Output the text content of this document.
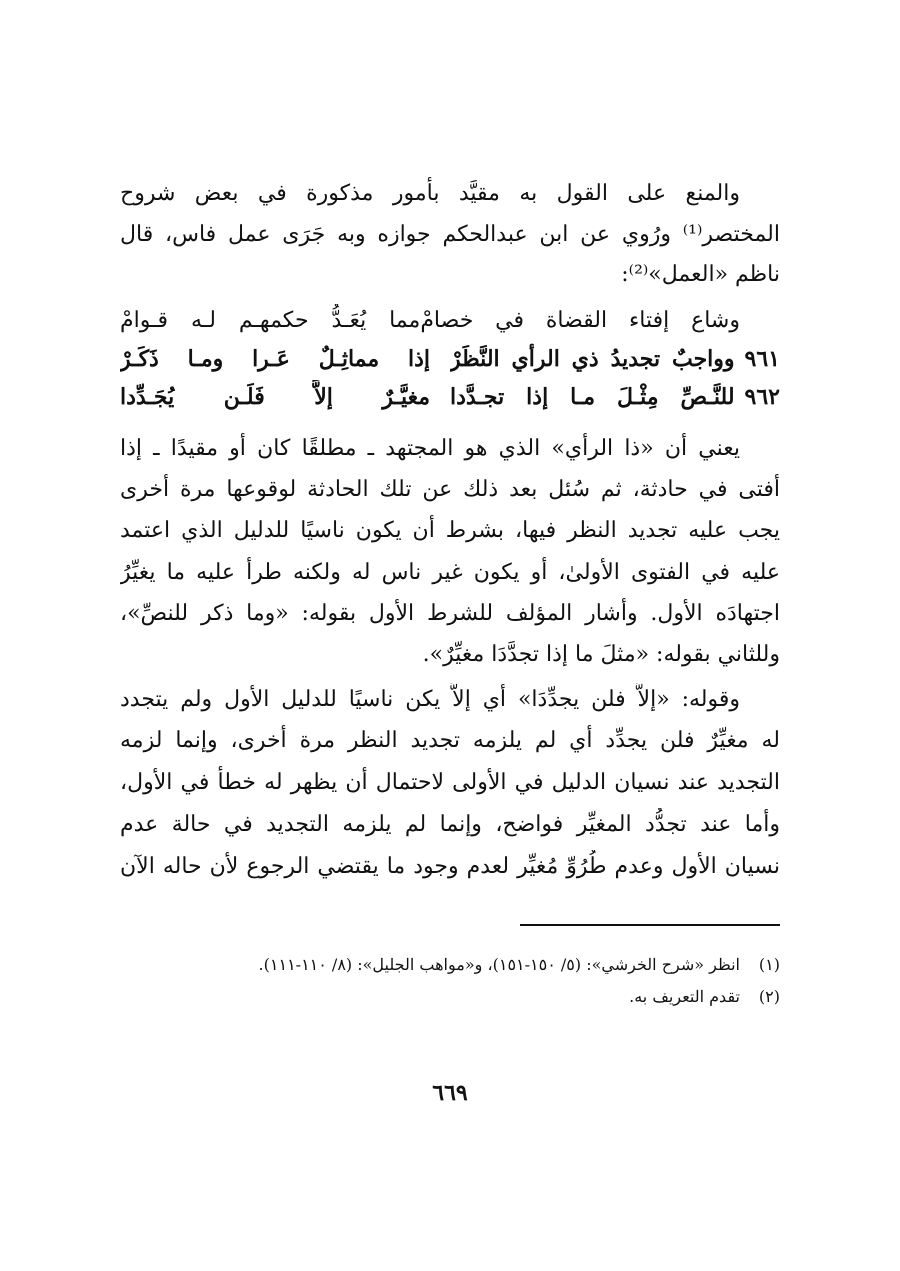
والمنع على القول به مقيَّد بأمور مذكورة في بعض شروح
المختصر⁽¹⁾ ورُوي عن ابن عبدالحكم جوازه وبه جَرَى عمل فاس، قال
ناظم «العمل»⁽²⁾:
وشاع إفتاء القضاة في خصامْ
مما يُعَـدُّ حكمهـم لـه قـوامْ
٩٦١وواجبٌ تجديدُ ذي الرأي النَّظَرْ
إذا مماثِـلٌ عَـرا ومـا ذَكَـرْ
٩٦٢للنَّـصِّ مِثْـلَ مـا إذا تجـدَّدا
مغيَّـرٌ إلاَّ فَلَـن يُجَـدِّدا
يعني أن «ذا الرأي» الذي هو المجتهد ـ مطلقًا كان أو مقيدًا ـ إذا
أفتى في حادثة، ثم سُئل بعد ذلك عن تلك الحادثة لوقوعها مرة أخرى
يجب عليه تجديد النظر فيها، بشرط أن يكون ناسيًا للدليل الذي اعتمد
عليه في الفتوى الأولىٰ، أو يكون غير ناس له ولكنه طرأ عليه ما يغيِّرُ
اجتهادَه الأول. وأشار المؤلف للشرط الأول بقوله: «وما ذكر للنصِّ»،
وللثاني بقوله: «مثلَ ما إذا تجدَّدَا مغيِّرٌ».
وقوله: «إلاَّ فلن يجدِّدَا» أي إلاَّ يكن ناسيًا للدليل الأول ولم يتجدد
له مغيِّرٌ فلن يجدِّد أي لم يلزمه تجديد النظر مرة أخرى، وإنما لزمه
التجديد عند نسيان الدليل في الأولى لاحتمال أن يظهر له خطأ في الأول،
وأما عند تجدُّد المغيِّر فواضح، وإنما لم يلزمه التجديد في حالة عدم
نسيان الأول وعدم طُرُوِّ مُغيِّر لعدم وجود ما يقتضي الرجوع لأن حاله الآن
(١)انظر «شرح الخرشي»: (٥/ ١٥٠-١٥١)، و«مواهب الجليل»: (٨/ ١١٠-١١١).
(٢)تقدم التعريف به.
٦٦٩
